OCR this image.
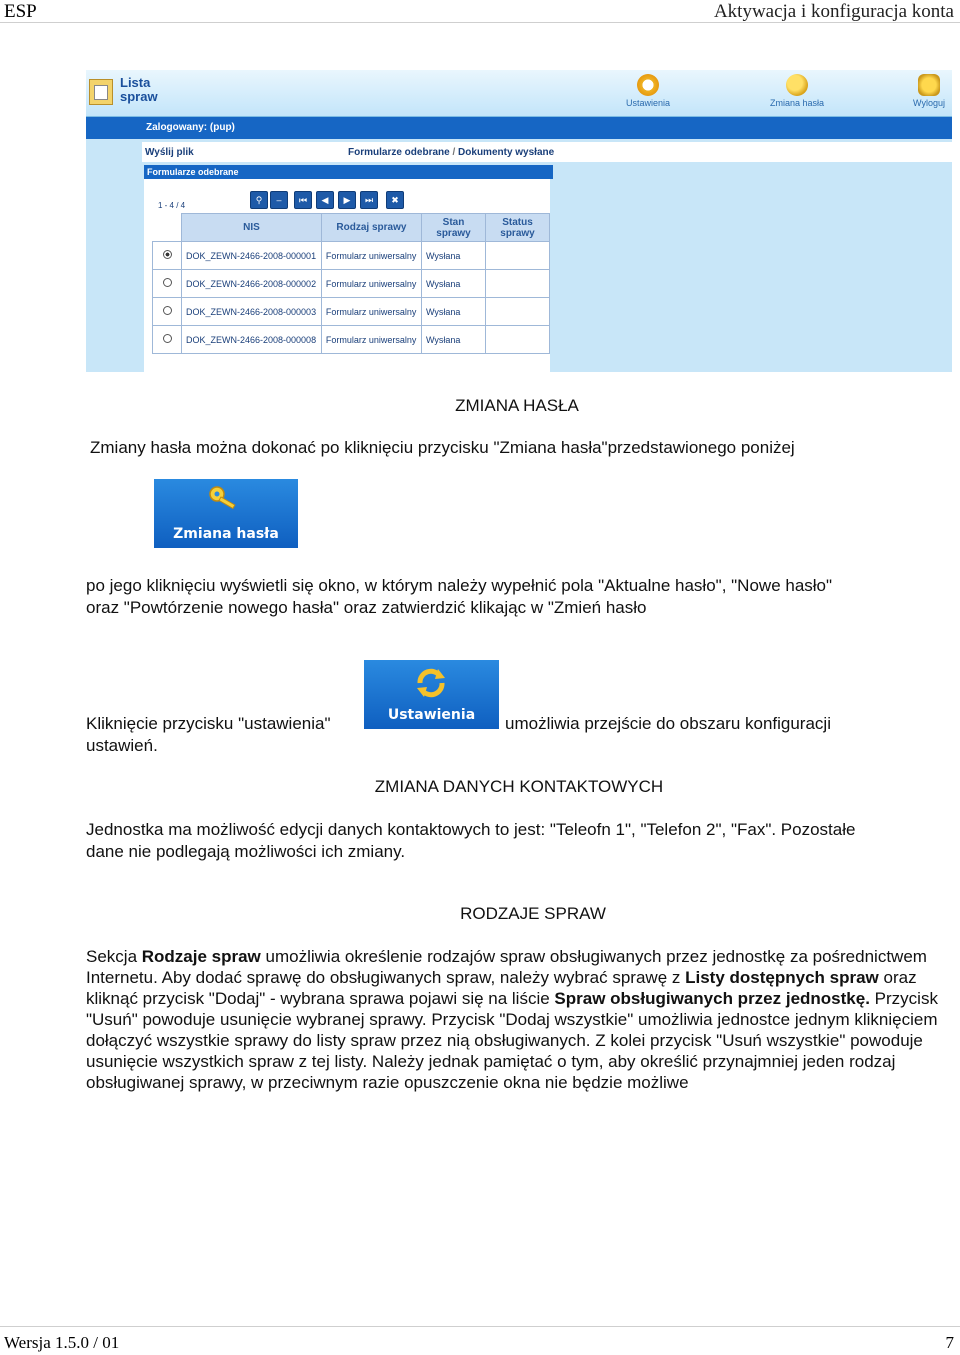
ESP	Aktywacja i konfiguracja konta
Lista spraw	Ustawienia	Zmiana hasła	Wyloguj
Zalogowany: (pup)
Wyślij plik	Formularze odebrane / Dokumenty wysłane
Formularze odebrane
1 - 4 / 4
⚲	–	⏮	◀	▶	⏭	✖
	NIS	Rodzaj sprawy	Stan sprawy	Status sprawy
	DOK_ZEWN-2466-2008-000001	Formularz uniwersalny	Wysłana	
	DOK_ZEWN-2466-2008-000002	Formularz uniwersalny	Wysłana	
	DOK_ZEWN-2466-2008-000003	Formularz uniwersalny	Wysłana	
	DOK_ZEWN-2466-2008-000008	Formularz uniwersalny	Wysłana	
ZMIANA HASŁA
Zmiany hasła można dokonać po kliknięciu przycisku "Zmiana hasła"przedstawionego poniżej
Zmiana hasła
po jego kliknięciu wyświetli się okno, w którym należy wypełnić pola "Aktualne hasło", "Nowe hasło"
oraz "Powtórzenie nowego hasła" oraz zatwierdzić klikając w "Zmień hasło
Kliknięcie przycisku "ustawienia"	Ustawienia	umożliwia przejście do obszaru konfiguracji
ustawień.
ZMIANA DANYCH KONTAKTOWYCH
Jednostka ma możliwość edycji danych kontaktowych to jest: "Teleofn 1", "Telefon 2", "Fax". Pozostałe
dane nie podlegają możliwości ich zmiany.
RODZAJE SPRAW
Sekcja Rodzaje spraw umożliwia określenie rodzajów spraw obsługiwanych przez jednostkę za pośrednictwem Internetu. Aby dodać sprawę do obsługiwanych spraw, należy wybrać sprawę z Listy dostępnych spraw oraz kliknąć przycisk "Dodaj" - wybrana sprawa pojawi się na liście Spraw obsługiwanych przez jednostkę. Przycisk "Usuń" powoduje usunięcie wybranej sprawy. Przycisk "Dodaj wszystkie" umożliwia jednostce jednym kliknięciem dołączyć wszystkie sprawy do listy spraw przez nią obsługiwanych. Z kolei przycisk "Usuń wszystkie" powoduje usunięcie wszystkich spraw z tej listy. Należy jednak pamiętać o tym, aby określić przynajmniej jeden rodzaj obsługiwanej sprawy, w przeciwnym razie opuszczenie okna nie będzie możliwe
Wersja 1.5.0 / 01	7
